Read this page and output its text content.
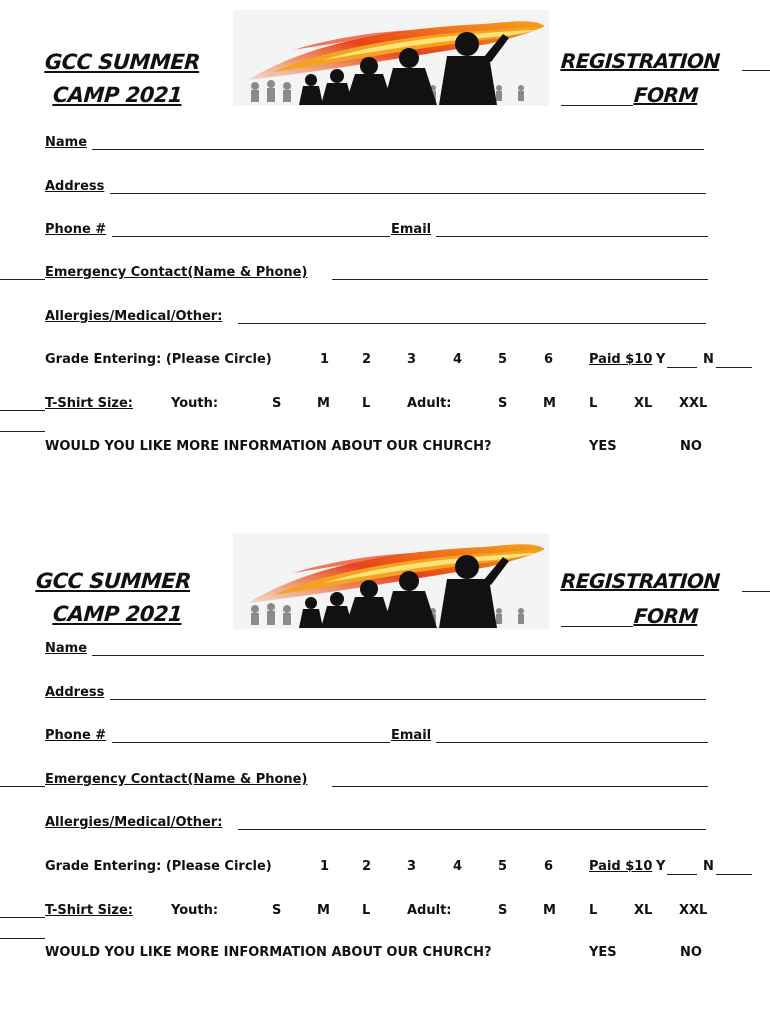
GCC SUMMER
CAMP 2021
REGISTRATION
FORM
Name
Address
Phone #	Email
Emergency Contact(Name & Phone)
Allergies/Medical/Other:
Grade Entering: (Please Circle)	1	2	3	4	5	6	Paid $10 Y	N
T-Shirt Size:	Youth:	S	M L	Adult:	S	M	L	XL XXL
WOULD YOU LIKE MORE INFORMATION ABOUT OUR CHURCH?	YES	NO
GCC SUMMER
CAMP 2021
REGISTRATION
FORM
Name
Address
Phone #	Email
Emergency Contact(Name & Phone)
Allergies/Medical/Other:
Grade Entering: (Please Circle)	1	2	3	4	5	6	Paid $10 Y	N
T-Shirt Size:	Youth:	S	M L	Adult:	S	M	L	XL XXL
WOULD YOU LIKE MORE INFORMATION ABOUT OUR CHURCH?	YES	NO
